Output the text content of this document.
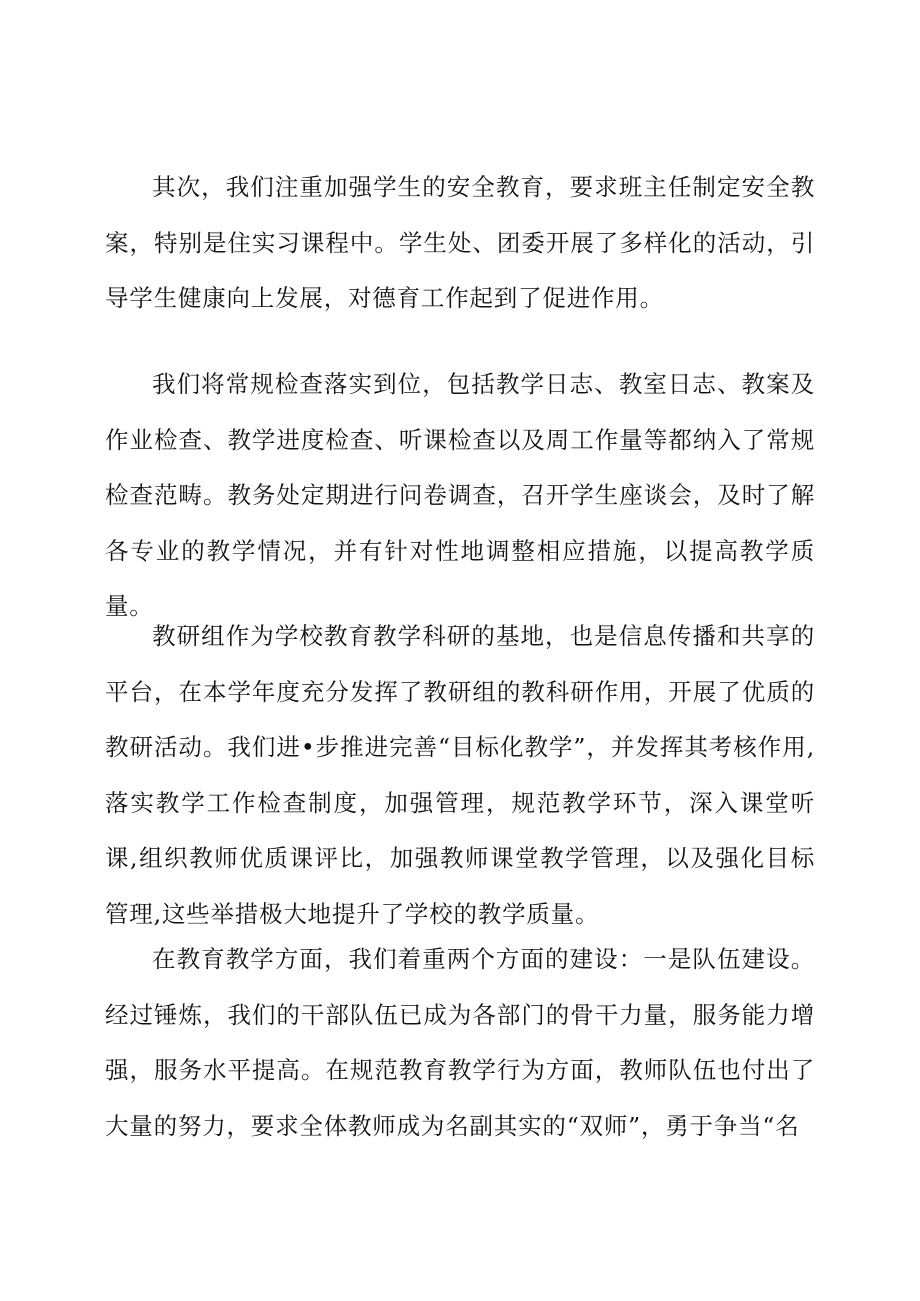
其次，我们注重加强学生的安全教育，要求班主任制定安全教案，特别是住实习课程中。学生处、团委开展了多样化的活动，引导学生健康向上发展，对德育工作起到了促进作用。

我们将常规检查落实到位，包括教学日志、教室日志、教案及作业检查、教学进度检查、听课检查以及周工作量等都纳入了常规检查范畴。教务处定期进行问卷调查，召开学生座谈会，及时了解各专业的教学情况，并有针对性地调整相应措施，以提高教学质量。

教研组作为学校教育教学科研的基地，也是信息传播和共享的平台，在本学年度充分发挥了教研组的教科研作用，开展了优质的教研活动。我们进•步推进完善“目标化教学”，并发挥其考核作用,落实教学工作检查制度，加强管理，规范教学环节，深入课堂听课,组织教师优质课评比，加强教师课堂教学管理，以及强化目标管理,这些举措极大地提升了学校的教学质量。

在教育教学方面，我们着重两个方面的建设：一是队伍建设。经过锤炼，我们的干部队伍已成为各部门的骨干力量，服务能力增强，服务水平提高。在规范教育教学行为方面，教师队伍也付出了大量的努力，要求全体教师成为名副其实的“双师”，勇于争当“名
